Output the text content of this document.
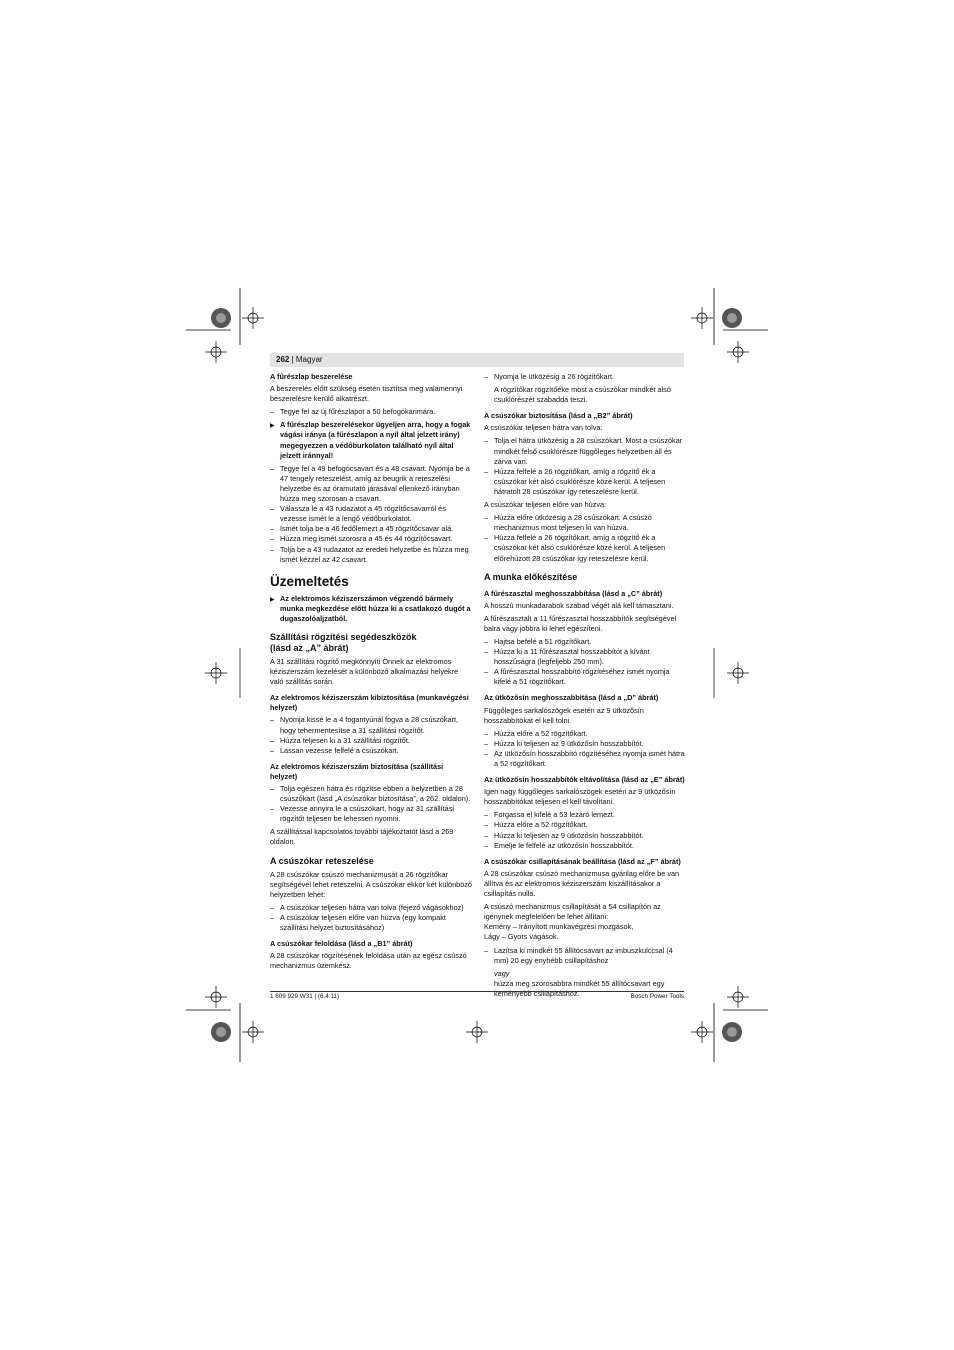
262 | Magyar
A fűrészlap beszerelése

A beszerelés előtt szükség esetén tisztítsa meg valamennyi beszerelésre kerülő alkatrészt.

– Tegye fel az új fűrészlapot a 50 befogókarimára.
▶ A fűrészlap beszerelésekor ügyeljen arra, hogy a fogak vágási iránya (a fűrészlapon a nyíl által jelzett irány) megegyezzen a védőburkolaton található nyíl által jelzett iránnyal!
– Tegye fel a 49 befogócsavart és a 48 csavart. Nyomja be a 47 tengely reteszelést, amíg az beugrik a reteszelési helyzetbe és az óramutató járásával ellenkező irányban húzza meg szorosan a csavart.
– Válassza le a 43 rudazatot a 45 rögzítőcsavarról és vezesse ismét le a lengő védőburkolatot.
– Ismét tolja be a 46 fedőlemezt a 45 rögzítőcsavar alá.
– Húzza meg ismét szorosra a 45 és 44 rögzítőcsavart.
– Tolja be a 43 rudazatot az eredeti helyzetbe és húzza meg ismét kézzel az 42 csavart.
Üzemeltetés
▶ Az elektromos kéziszerszámon végzendő bármely munka megkezdése előtt húzza ki a csatlakozó dugót a dugaszolóaljzatból.
Szállítási rögzítési segédeszközök
(lásd az „A” ábrát)

A 31 szállítási rögzítő megkönnyíti Önnek az elektromos kéziszerszám kezelését a különböző alkalmazási helyekre való szállítás során.

Az elektromos kéziszerszám kibiztosítása (munkavégzési helyzet)
– Nyomja kissé le a 4 fogantyúnál fogva a 28 csúszókart, hogy tehermentesítse a 31 szállítási rögzítőt.
– Húzza teljesen ki a 31 szállítási rögzítőt.
– Lassan vezesse felfelé a csúszókart.
Az elektromos kéziszerszám biztosítása (szállítási helyzet)
– Tolja egészen hátra és rögzítse ebben a helyzetben a 28 csúszókart (lásd „A csúszókar biztosítása”, a 262. oldalon).
– Vezesse annyira le a csúszókart, hogy az 31 szállítási rögzítőt teljesen be lehessen nyomni.

A szállítással kapcsolatos további tájékoztatót lásd a 269 oldalon.

A csúszókar reteszelése

A 28 csúszókar csúszó mechanizmusát a 26 rögzítőkar segítségével lehet reteszelni. A csúszókar ekkor két különböző helyzetben lehet:

– A csúszókar teljesen hátra van tolva (fejező vágásokhoz)
– A csúszókar teljesen előre van húzva (egy kompakt szállítási helyzet biztosításához)
A csúszókar feloldása (lásd a „B1” ábrát)

A 28 csúszókar rögzítésének feloldása után az egész csúszó mechanizmus üzemkész.

– Nyomja le ütközésig a 26 rögzítőkart.

A rögzítőkar rögzítőéke most a csúszókar mindkét alsó csuklórészét szabaddá teszi.

A csúszókar biztosítása (lásd a „B2” ábrát)

A csúszókar teljesen hátra van tolva:

– Tolja el hátra ütközésig a 28 csúszókart. Most a csúszókar mindkét felső csuklórésze függőleges helyzetben áll és zárva van.
– Húzza felfelé a 26 rögzítőkart, amíg a rögzítő ék a csúszókar két alsó csuklórésze közé kerül. A teljesen hátratolt 28 csúszókar így reteszelésre kerül.

A csúszókar teljesen előre van húzva:

– Húzza előre ütközésig a 28 csúszókart. A csúszó mechanizmus most teljesen ki van húzva.
– Húzza felfelé a 26 rögzítőkart, amíg a rögzítő ék a csúszókar két alsó csuklórésze közé kerül. A teljesen előrehúzott 28 csúszókar így reteszelésre kerül.
A munka előkészítése
A fűrészasztal meghosszabbítása (lásd a „C” ábrát)

A hosszú munkadarabok szabad végét alá kell támasztani.

A fűrészasztalt a 11 fűrészasztal hosszabbítók segítségével balra vagy jobbra ki lehet egészíteni.

– Hajtsa befelé a 51 rögzítőkart.
– Húzza ki a 11 fűrészasztal hosszabbítót a kívánt hosszúságra (legfeljebb 250 mm).
– A fűrészasztal hosszabbító rögzítéséhez ismét nyomja kifelé a 51 rögzítőkart.
Az ütközősín meghosszabbítása (lásd a „D” ábrát)

Függőleges sarkalószögek esetén az 9 ütközősín hosszabbítókat el kell tolni.

– Húzza előre a 52 rögzítőkart.
– Húzza ki teljesen az 9 ütközősín hosszabbítót.
– Az ütközősín hosszabbító rögzítéséhez nyomja ismét hátra a 52 rögzítőkart.
Az ütközősín hosszabbítók eltávolítása (lásd az „E” ábrát)

Igen nagy függőleges sarkalószögek esetén az 9 ütközősín hosszabbítókat teljesen el kell távolítani.

– Forgassa el kifelé a 53 lezáró lemezt.
– Húzza előre a 52 rögzítőkart.
– Húzza ki teljesen az 9 ütközősín hosszabbítót.
– Emelje le felfelé az ütközősín hosszabbítót.
A csúszókar csillapításának beállítása (lásd az „F” ábrát)

A 28 csúszókar csúszó mechanizmusa gyárilag előre be van állítva és az elektromos kéziszerszám kiszállításakor a csillapítás nulla.

A csúszó mechanizmus csillapítását a 54 csillapítón az igénynek megfelelően be lehet állítani:

Kemény – Irányított munkavégzési mozgások,
Lágy – Gyors vágások.
– Lazítsa ki mindkét 55 állítócsavart az imbuszkulccsal (4 mm) 20 egy enyhébb csillapításhoz
vagy

húzza meg szorosabbra mindkét 55 állítócsavart egy keményebb csillapításhoz.

1 609 929 W31 | (6.4.11)	Bosch Power Tools
